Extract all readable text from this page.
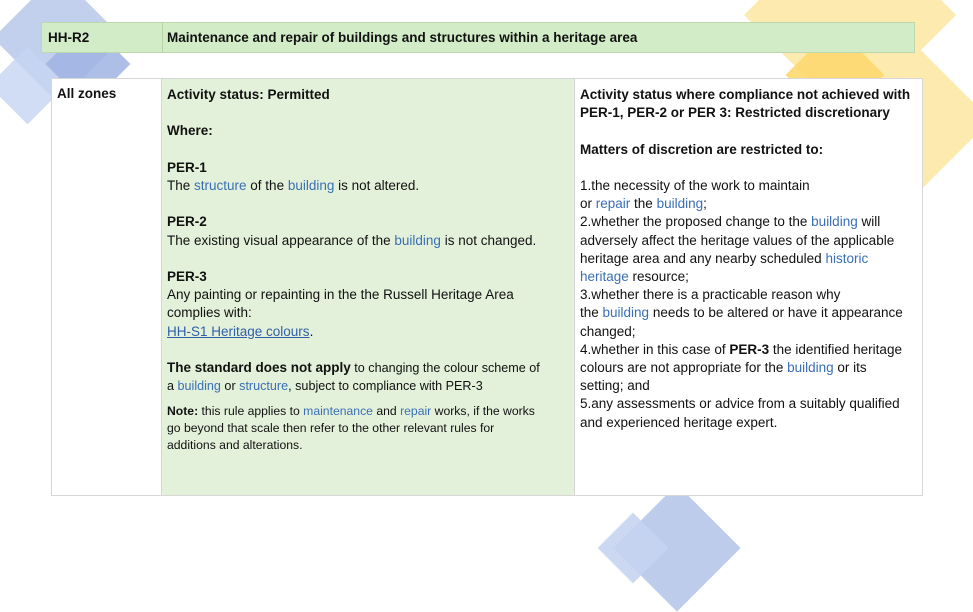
HH-R2	Maintenance and repair of buildings and structures within a heritage area
All zones	Activity status: Permitted

Where:

PER-1

The structure of the building is not altered.

PER-2

The existing visual appearance of the building is not changed.

PER-3

Any painting or repainting in the the Russell Heritage Area

complies with:

HH-S1 Heritage colours.

The standard does not apply to changing the colour scheme of

a building or structure, subject to compliance with PER-3

Note: this rule applies to maintenance and repair works, if the works

go beyond that scale then refer to the other relevant rules for

additions and alterations.

Activity status where compliance not achieved with

PER-1, PER-2 or PER 3: Restricted discretionary

Matters of discretion are restricted to:

1.the necessity of the work to maintain

or repair the building;

2.whether the proposed change to the building will

adversely affect the heritage values of the applicable

heritage area and any nearby scheduled historic

heritage resource;

3.whether there is a practicable reason why

the building needs to be altered or have it appearance

changed;

4.whether in this case of PER-3 the identified heritage

colours are not appropriate for the building or its

setting; and

5.any assessments or advice from a suitably qualified

and experienced heritage expert.
